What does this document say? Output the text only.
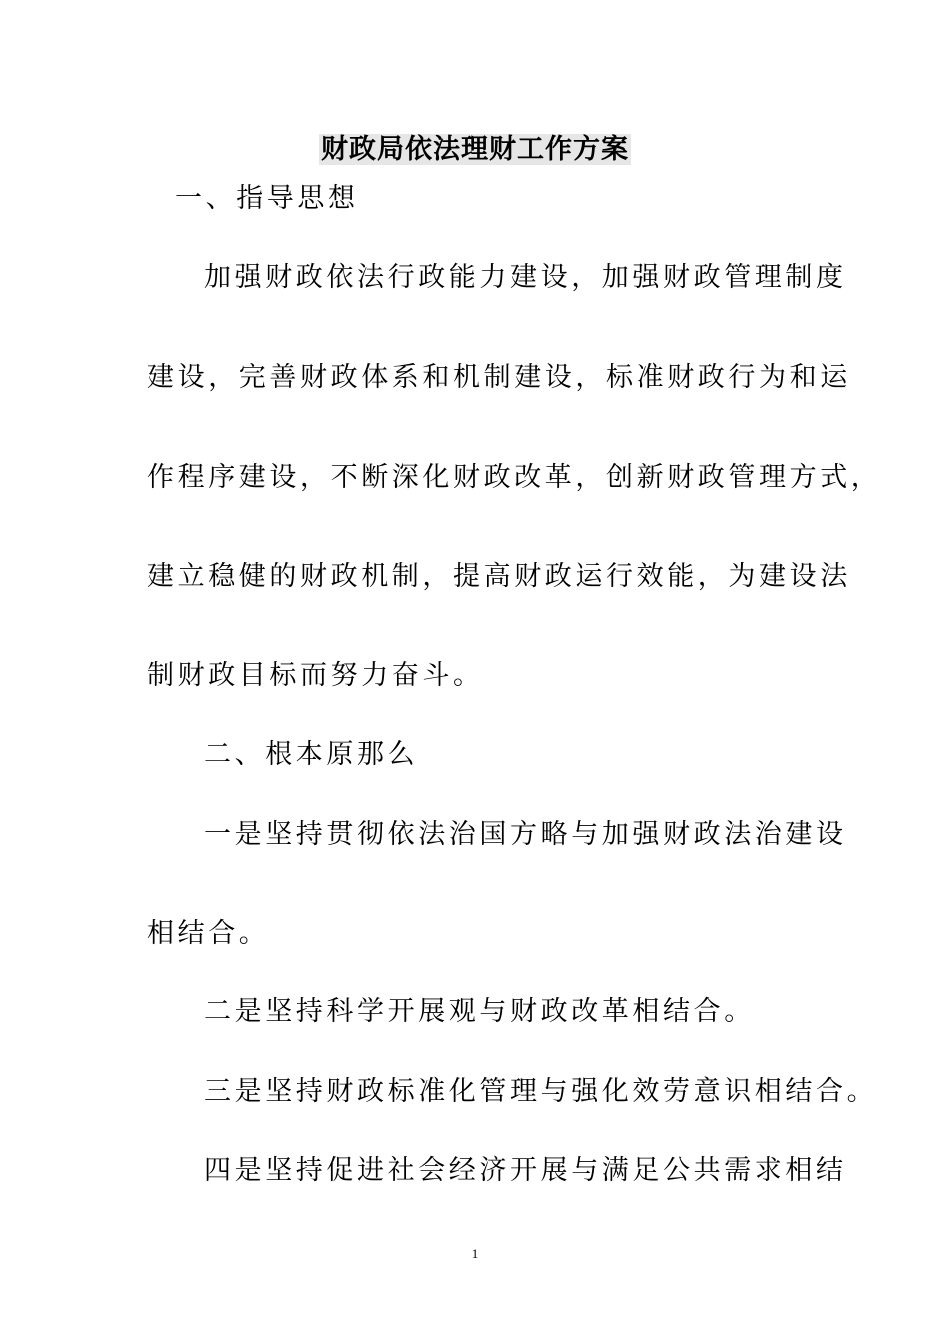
财政局依法理财工作方案
一、指导思想
加强财政依法行政能力建设，加强财政管理制度
建设，完善财政体系和机制建设，标准财政行为和运
作程序建设，不断深化财政改革，创新财政管理方式，
建立稳健的财政机制，提高财政运行效能，为建设法
制财政目标而努力奋斗。
二、根本原那么
一是坚持贯彻依法治国方略与加强财政法治建设
相结合。
二是坚持科学开展观与财政改革相结合。
三是坚持财政标准化管理与强化效劳意识相结合。
四是坚持促进社会经济开展与满足公共需求相结
1
